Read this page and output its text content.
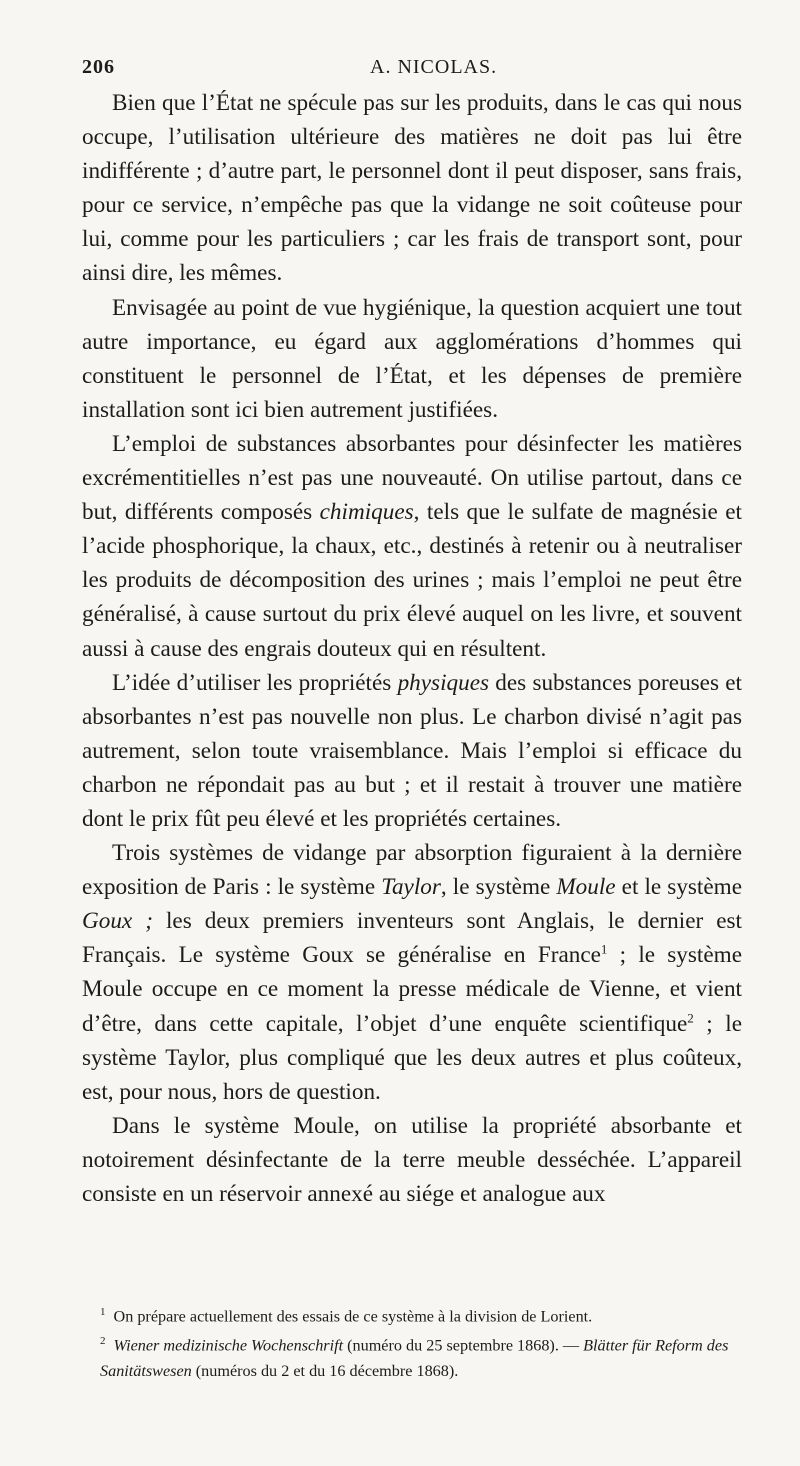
206	A. NICOLAS.

Bien que l’État ne spécule pas sur les produits, dans le cas qui nous occupe, l’utilisation ultérieure des matières ne doit pas lui être indifférente ; d’autre part, le personnel dont il peut disposer, sans frais, pour ce service, n’empêche pas que la vidange ne soit coûteuse pour lui, comme pour les particuliers ; car les frais de transport sont, pour ainsi dire, les mêmes.

Envisagée au point de vue hygiénique, la question acquiert une tout autre importance, eu égard aux agglomérations d’hommes qui constituent le personnel de l’État, et les dépenses de première installation sont ici bien autrement justifiées.

L’emploi de substances absorbantes pour désinfecter les matières excrémentitielles n’est pas une nouveauté. On utilise partout, dans ce but, différents composés chimiques, tels que le sulfate de magnésie et l’acide phosphorique, la chaux, etc., destinés à retenir ou à neutraliser les produits de décomposition des urines ; mais l’emploi ne peut être généralisé, à cause surtout du prix élevé auquel on les livre, et souvent aussi à cause des engrais douteux qui en résultent.

L’idée d’utiliser les propriétés physiques des substances poreuses et absorbantes n’est pas nouvelle non plus. Le charbon divisé n’agit pas autrement, selon toute vraisemblance. Mais l’emploi si efficace du charbon ne répondait pas au but ; et il restait à trouver une matière dont le prix fût peu élevé et les propriétés certaines.

Trois systèmes de vidange par absorption figuraient à la dernière exposition de Paris : le système Taylor, le système Moule et le système Goux ; les deux premiers inventeurs sont Anglais, le dernier est Français. Le système Goux se généralise en France$^1$ ; le système Moule occupe en ce moment la presse médicale de Vienne, et vient d’être, dans cette capitale, l’objet d’une enquête scientifique$^2$ ; le système Taylor, plus compliqué que les deux autres et plus coûteux, est, pour nous, hors de question.

Dans le système Moule, on utilise la propriété absorbante et notoirement désinfectante de la terre meuble desséchée. L’appareil consiste en un réservoir annexé au siége et analogue aux

$^1$ On prépare actuellement des essais de ce système à la division de Lorient.

$^2$ Wiener medizinische Wochenschrift (numéro du 25 septembre 1868). — Blätter für Reform des Sanitätswesen (numéros du 2 et du 16 décembre 1868).
